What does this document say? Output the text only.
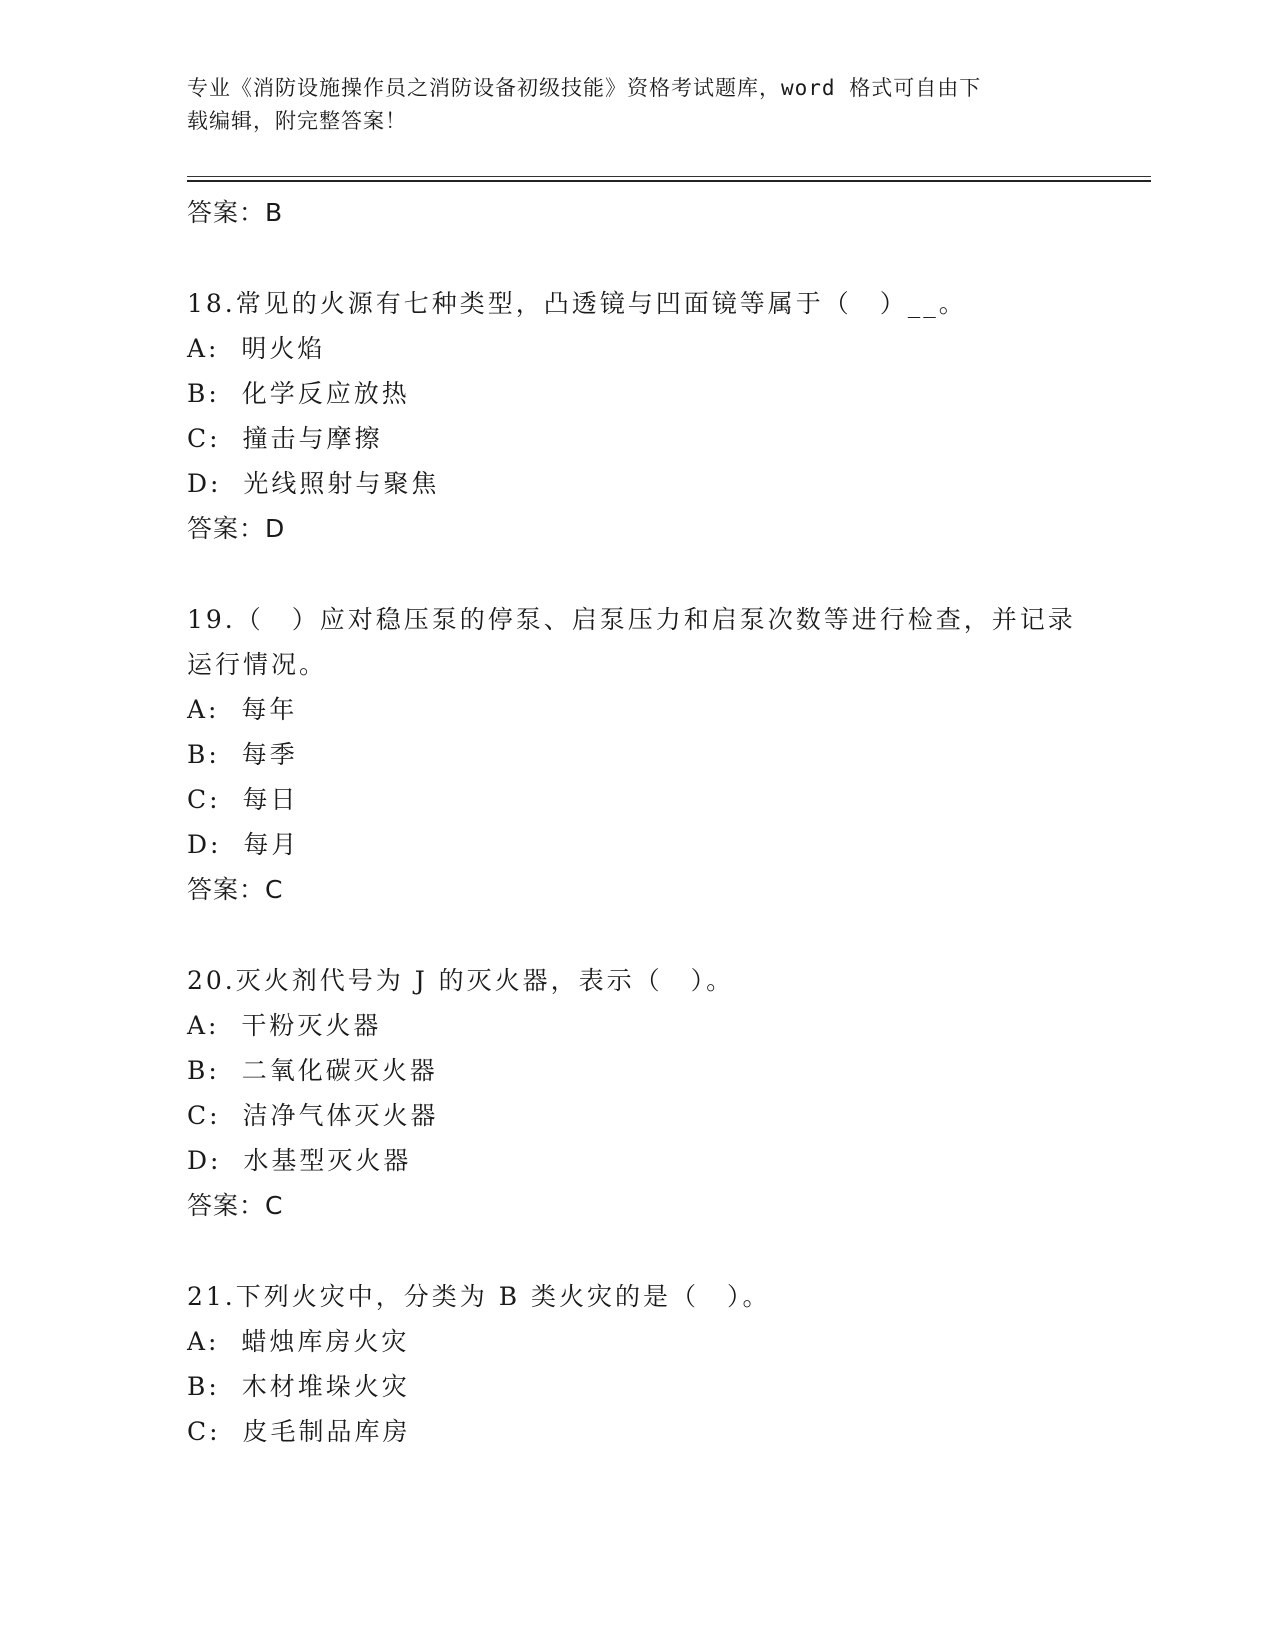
专业《消防设施操作员之消防设备初级技能》资格考试题库，word 格式可自由下
载编辑，附完整答案！
答案：B
18.常见的火源有七种类型，凸透镜与凹面镜等属于（　）__。
A:  明火焰
B:  化学反应放热
C:  撞击与摩擦
D:  光线照射与聚焦
答案：D
19.（　）应对稳压泵的停泵、启泵压力和启泵次数等进行检查，并记录运行情况。
A:  每年
B:  每季
C:  每日
D:  每月
答案：C
20.灭火剂代号为 J 的灭火器，表示（　）。
A:  干粉灭火器
B:  二氧化碳灭火器
C:  洁净气体灭火器
D:  水基型灭火器
答案：C
21.下列火灾中，分类为 B 类火灾的是（　）。
A:  蜡烛库房火灾
B:  木材堆垛火灾
C:  皮毛制品库房
